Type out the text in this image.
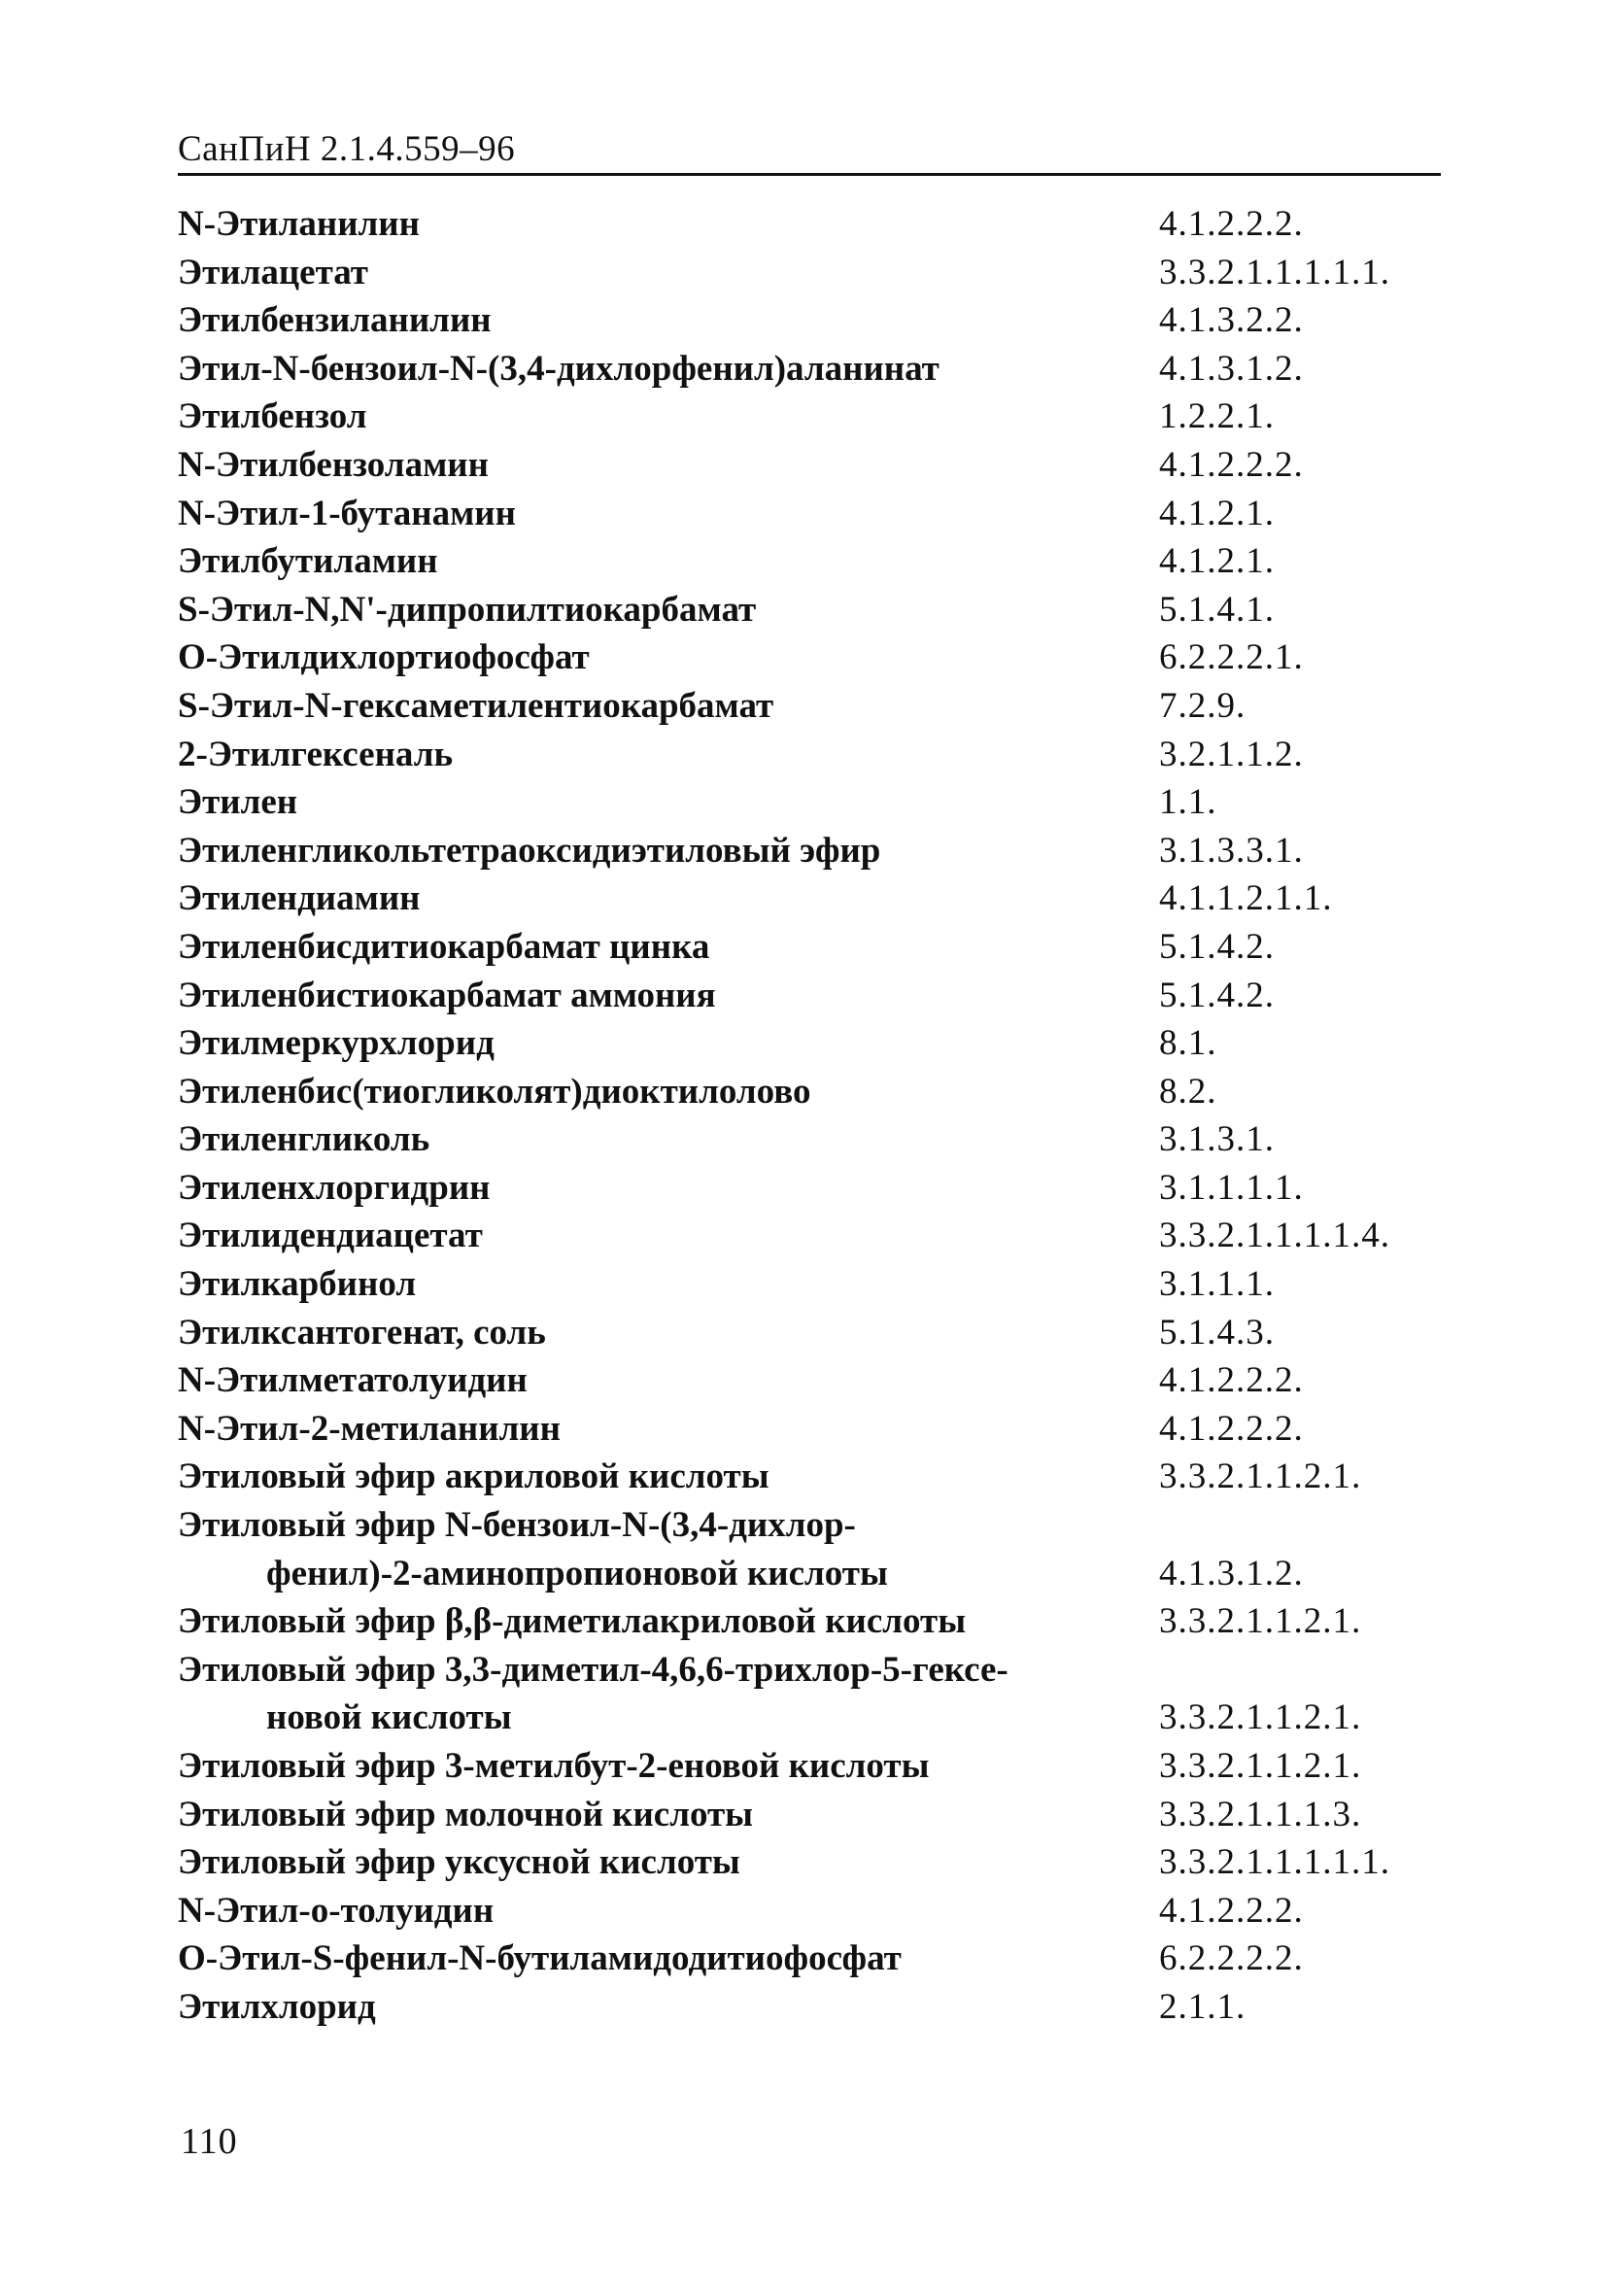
СанПиН 2.1.4.559–96
N-Этиланилин	4.1.2.2.2.
Этилацетат	3.3.2.1.1.1.1.1.
Этилбензиланилин	4.1.3.2.2.
Этил-N-бензоил-N-(3,4-дихлорфенил)аланинат	4.1.3.1.2.
Этилбензол	1.2.2.1.
N-Этилбензоламин	4.1.2.2.2.
N-Этил-1-бутанамин	4.1.2.1.
Этилбутиламин	4.1.2.1.
S-Этил-N,N'-дипропилтиокарбамат	5.1.4.1.
О-Этилдихлортиофосфат	6.2.2.2.1.
S-Этил-N-гексаметилентиокарбамат	7.2.9.
2-Этилгексеналь	3.2.1.1.2.
Этилен	1.1.
Этиленгликольтетраоксидиэтиловый эфир	3.1.3.3.1.
Этилендиамин	4.1.1.2.1.1.
Этиленбисдитиокарбамат цинка	5.1.4.2.
Этиленбистиокарбамат аммония	5.1.4.2.
Этилмеркурхлорид	8.1.
Этиленбис(тиогликолят)диоктилолово	8.2.
Этиленгликоль	3.1.3.1.
Этиленхлоргидрин	3.1.1.1.1.
Этилидендиацетат	3.3.2.1.1.1.1.4.
Этилкарбинол	3.1.1.1.
Этилксантогенат, соль	5.1.4.3.
N-Этилметатолуидин	4.1.2.2.2.
N-Этил-2-метиланилин	4.1.2.2.2.
Этиловый эфир акриловой кислоты	3.3.2.1.1.2.1.
Этиловый эфир N-бензоил-N-(3,4-дихлор-
фенил)-2-аминопропионовой кислоты	4.1.3.1.2.
Этиловый эфир β,β-диметилакриловой кислоты	3.3.2.1.1.2.1.
Этиловый эфир 3,3-диметил-4,6,6-трихлор-5-гексе-
новой кислоты	3.3.2.1.1.2.1.
Этиловый эфир 3-метилбут-2-еновой кислоты	3.3.2.1.1.2.1.
Этиловый эфир молочной кислоты	3.3.2.1.1.1.3.
Этиловый эфир уксусной кислоты	3.3.2.1.1.1.1.1.
N-Этил-о-толуидин	4.1.2.2.2.
О-Этил-S-фенил-N-бутиламидодитиофосфат	6.2.2.2.2.
Этилхлорид	2.1.1.
110
